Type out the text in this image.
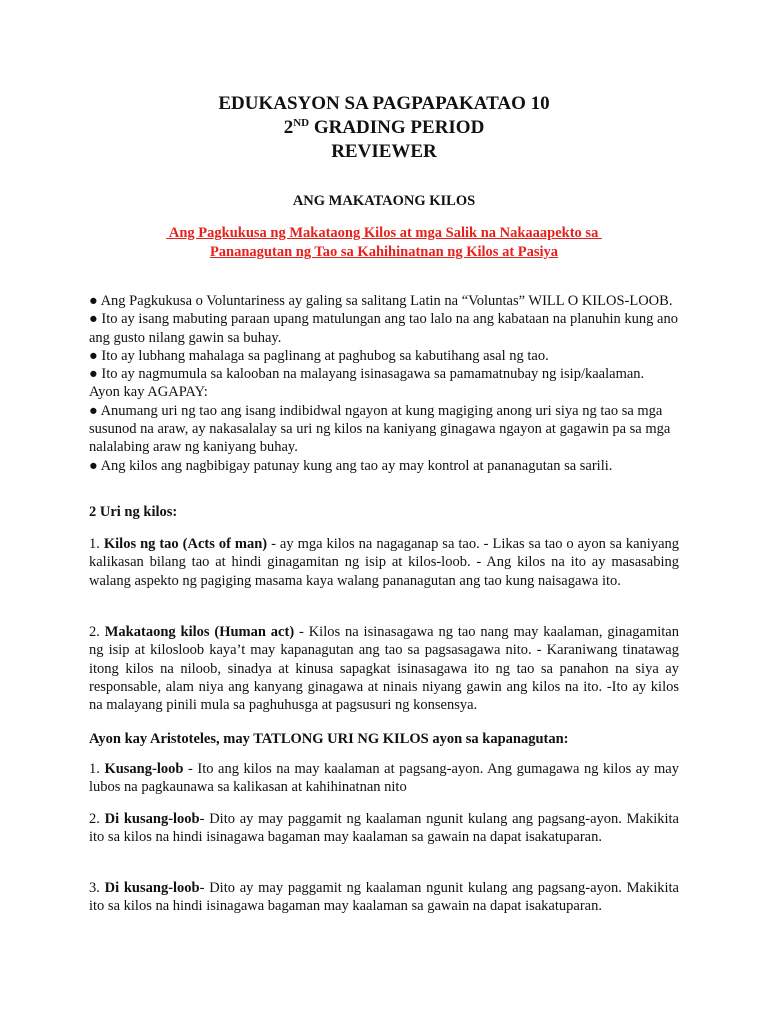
EDUKASYON SA PAGPAPAKATAO 10

2ND GRADING PERIOD

REVIEWER

ANG MAKATAONG KILOS
Ang Pagkukusa ng Makataong Kilos at mga Salik na Nakaaapekto sa
Pananagutan ng Tao sa Kahihinatnan ng Kilos at Pasiya

● Ang Pagkukusa o Voluntariness ay galing sa salitang Latin na “Voluntas” WILL O KILOS-LOOB.

● Ito ay isang mabuting paraan upang matulungan ang tao lalo na ang kabataan na planuhin kung ano ang gusto nilang gawin sa buhay.

● Ito ay lubhang mahalaga sa paglinang at paghubog sa kabutihang asal ng tao.

● Ito ay nagmumula sa kalooban na malayang isinasagawa sa pamamatnubay ng isip/kaalaman.

Ayon kay AGAPAY:

● Anumang uri ng tao ang isang indibidwal ngayon at kung magiging anong uri siya ng tao sa mga susunod na araw, ay nakasalalay sa uri ng kilos na kaniyang ginagawa ngayon at gagawin pa sa mga nalalabing araw ng kaniyang buhay.

● Ang kilos ang nagbibigay patunay kung ang tao ay may kontrol at pananagutan sa sarili.

2 Uri ng kilos:

1. Kilos ng tao (Acts of man) - ay mga kilos na nagaganap sa tao. - Likas sa tao o ayon sa kaniyang kalikasan bilang tao at hindi ginagamitan ng isip at kilos-loob. - Ang kilos na ito ay masasabing walang aspekto ng pagiging masama kaya walang pananagutan ang tao kung naisagawa ito.

2. Makataong kilos (Human act) - Kilos na isinasagawa ng tao nang may kaalaman, ginagamitan ng isip at kilosloob kaya’t may kapanagutan ang tao sa pagsasagawa nito. - Karaniwang tinatawag itong kilos na niloob, sinadya at kinusa sapagkat isinasagawa ito ng tao sa panahon na siya ay responsable, alam niya ang kanyang ginagawa at ninais niyang gawin ang kilos na ito. -Ito ay kilos na malayang pinili mula sa paghuhusga at pagsusuri ng konsensya.

Ayon kay Aristoteles, may TATLONG URI NG KILOS ayon sa kapanagutan:

1. Kusang-loob - Ito ang kilos na may kaalaman at pagsang-ayon. Ang gumagawa ng kilos ay may lubos na pagkaunawa sa kalikasan at kahihinatnan nito

2. Di kusang-loob- Dito ay may paggamit ng kaalaman ngunit kulang ang pagsang-ayon. Makikita ito sa kilos na hindi isinagawa bagaman may kaalaman sa gawain na dapat isakatuparan.

3. Di kusang-loob- Dito ay may paggamit ng kaalaman ngunit kulang ang pagsang-ayon. Makikita ito sa kilos na hindi isinagawa bagaman may kaalaman sa gawain na dapat isakatuparan.
